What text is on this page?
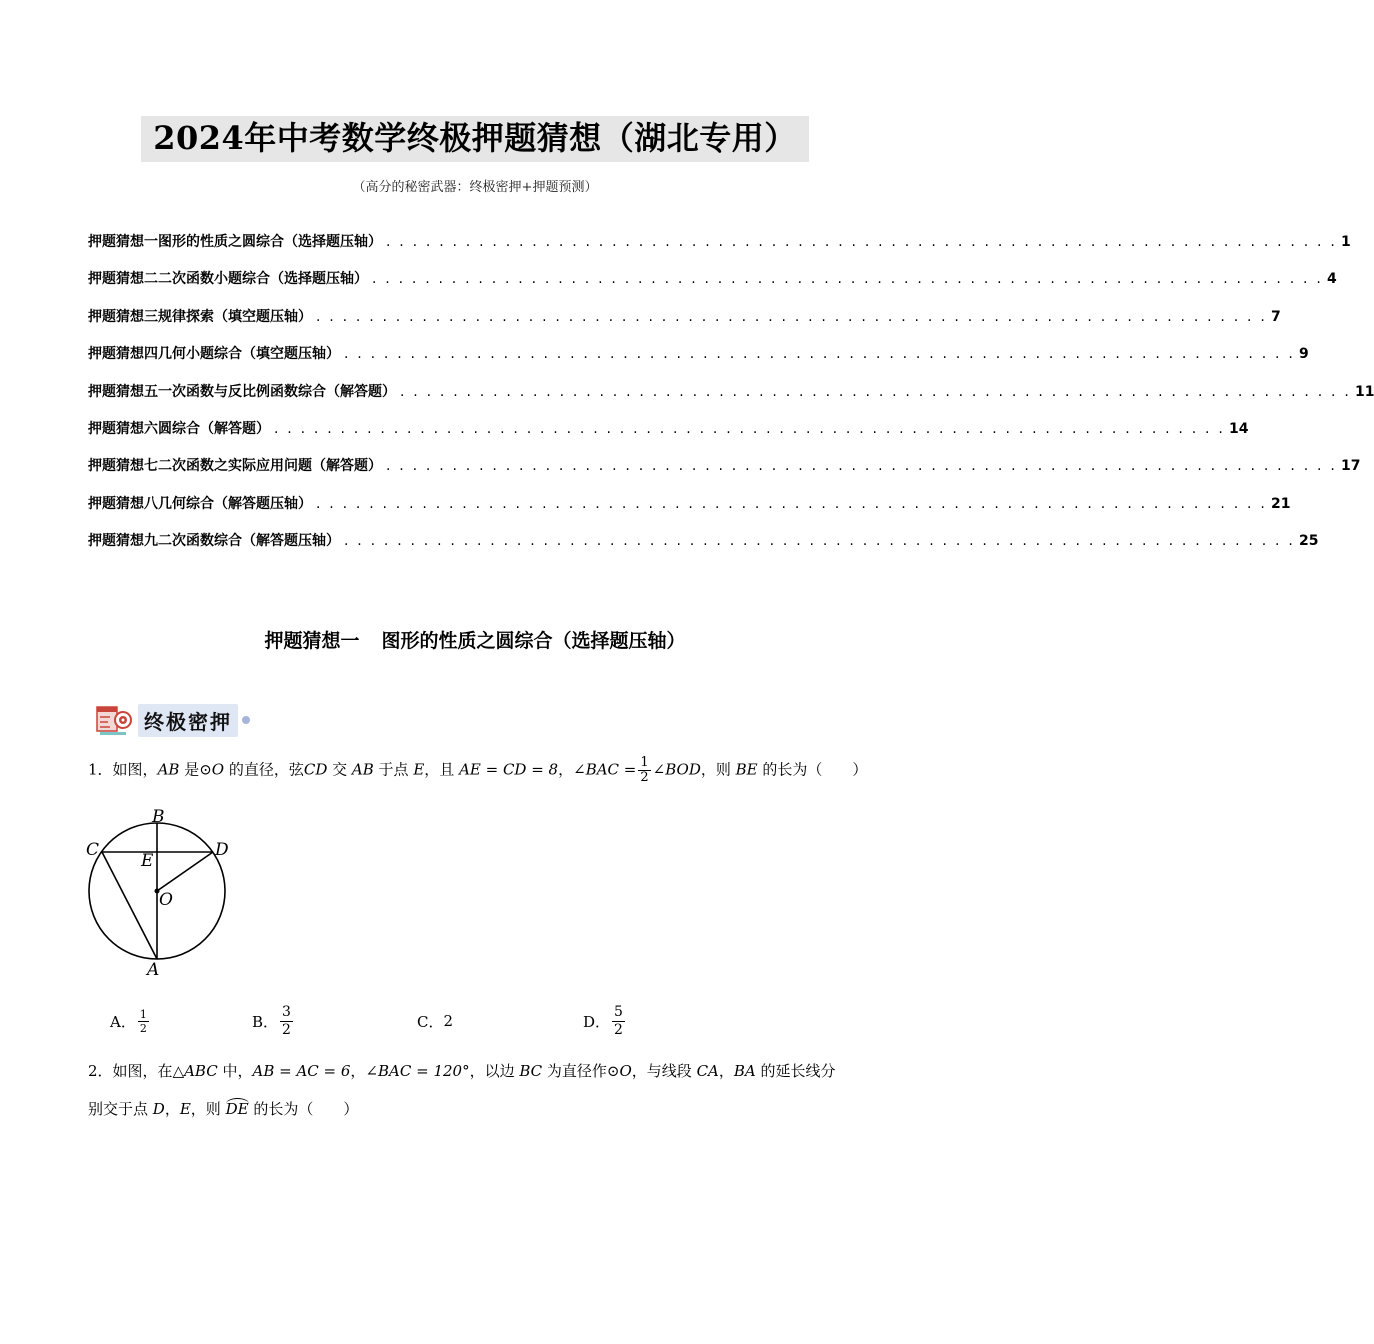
2024年中考数学终极押题猜想（湖北专用）
（高分的秘密武器：终极密押+押题预测）
押题猜想一 图形的性质之圆综合（选择题压轴） . . . . . . . . . . . . . . . . . . . . . . . . . . . . . . . . . . . . . . . . . . . . . . . . . . . . . . . . . . . . . . . . . . . . . . . . 1
押题猜想二 二次函数小题综合（选择题压轴） . . . . . . . . . . . . . . . . . . . . . . . . . . . . . . . . . . . . . . . . . . . . . . . . . . . . . . . . . . . . . . . . . . . . . . . . 4
押题猜想三 规律探索（填空题压轴） . . . . . . . . . . . . . . . . . . . . . . . . . . . . . . . . . . . . . . . . . . . . . . . . . . . . . . . . . . . . . . . . . . . . . . . . 7
押题猜想四 几何小题综合（填空题压轴） . . . . . . . . . . . . . . . . . . . . . . . . . . . . . . . . . . . . . . . . . . . . . . . . . . . . . . . . . . . . . . . . . . . . . . . . 9
押题猜想五 一次函数与反比例函数综合（解答题） . . . . . . . . . . . . . . . . . . . . . . . . . . . . . . . . . . . . . . . . . . . . . . . . . . . . . . . . . . . . . . . . . . . . . . . . 11
押题猜想六 圆综合（解答题） . . . . . . . . . . . . . . . . . . . . . . . . . . . . . . . . . . . . . . . . . . . . . . . . . . . . . . . . . . . . . . . . . . . . . . . . 14
押题猜想七 二次函数之实际应用问题（解答题） . . . . . . . . . . . . . . . . . . . . . . . . . . . . . . . . . . . . . . . . . . . . . . . . . . . . . . . . . . . . . . . . . . . . . . . . 17
押题猜想八 几何综合（解答题压轴） . . . . . . . . . . . . . . . . . . . . . . . . . . . . . . . . . . . . . . . . . . . . . . . . . . . . . . . . . . . . . . . . . . . . . . . . 21
押题猜想九 二次函数综合（解答题压轴） . . . . . . . . . . . . . . . . . . . . . . . . . . . . . . . . . . . . . . . . . . . . . . . . . . . . . . . . . . . . . . . . . . . . . . . . 25
押题猜想一 图形的性质之圆综合（选择题压轴）
终极密押
1．如图，AB 是⊙O 的直径，弦CD 交 AB 于点 E，且 AE = CD = 8，∠BAC = $\frac{1}{2}$ ∠BOD，则 BE 的长为（　　）
B
C	D
E
O
A
A． $\frac{1}{2}$	B． $\frac{3}{2}$	C． 2	D． $\frac{5}{2}$
2．如图，在△ABC 中，AB = AC = 6，∠BAC = 120°，以边 BC 为直径作⊙O，与线段 CA，BA 的延长线分
别交于点 D，E，则 DE 的长为（　　）
